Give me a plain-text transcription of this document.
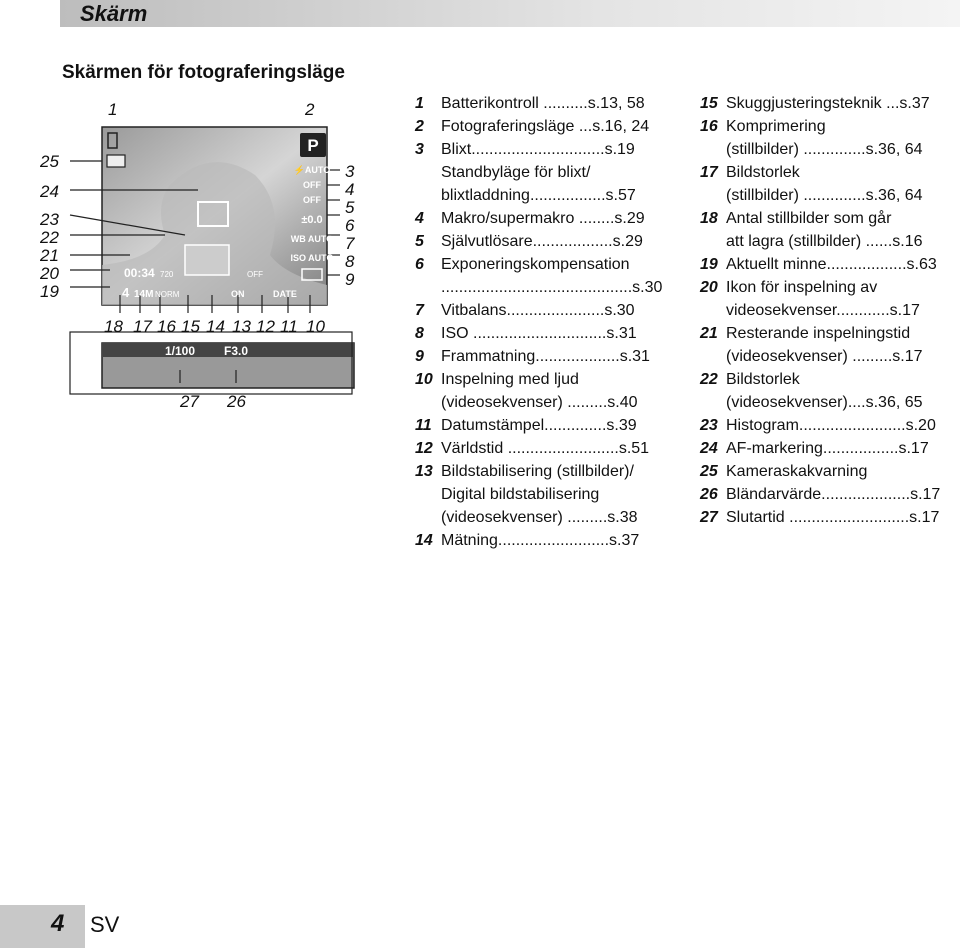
Skärm
Skärmen för fotograferingsläge
P
⚡AUTO
OFF
OFF
±0.0
WB AUTO
ISO AUTO
00:34 720
4 14M NORM	ON
OFF
DATE
1/100 F3.0
1	2
25
24
23
22
21
20
19
3
4
5
6
7
8
9
18 17 16 15 14 13 12 11 10
27 26
1 Batterikontroll ..........s.13, 58
2 Fotograferingsläge ...s.16, 24
3 Blixt..............................s.19
Standbyläge för blixt/
blixtladdning.................s.57
4 Makro/supermakro ........s.29
5 Självutlösare..................s.29
6 Exponeringskompensation
...........................................s.30
7 Vitbalans......................s.30
8 ISO ..............................s.31
9 Frammatning...................s.31
10 Inspelning med ljud
(videosekvenser) .........s.40
11 Datumstämpel..............s.39
12 Världstid .........................s.51
13 Bildstabilisering (stillbilder)/
Digital bildstabilisering
(videosekvenser) .........s.38
14 Mätning.........................s.37
15 Skuggjusteringsteknik ...s.37
16 Komprimering
(stillbilder) ..............s.36, 64
17 Bildstorlek
(stillbilder) ..............s.36, 64
18 Antal stillbilder som går
att lagra (stillbilder) ......s.16
19 Aktuellt minne..................s.63
20 Ikon för inspelning av
videosekvenser............s.17
21 Resterande inspelningstid
(videosekvenser) .........s.17
22 Bildstorlek
(videosekvenser)....s.36, 65
23 Histogram........................s.20
24 AF-markering.................s.17
25 Kameraskakvarning
26 Bländarvärde....................s.17
27 Slutartid ...........................s.17
4 SV
